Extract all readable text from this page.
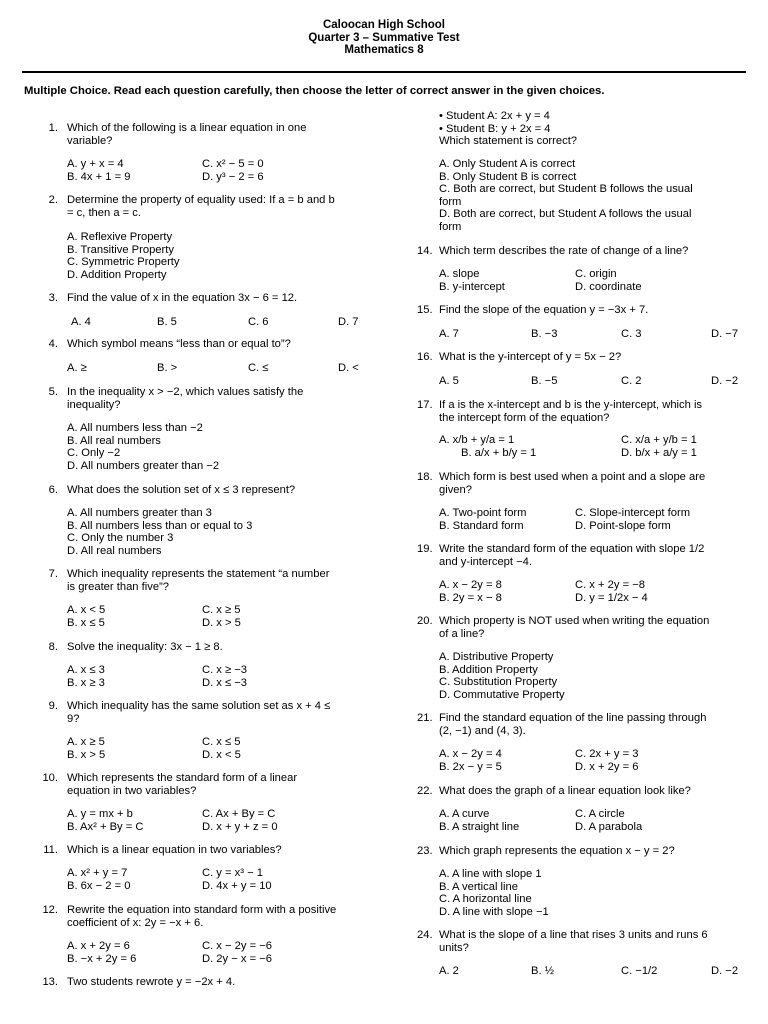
Caloocan High School
Quarter 3 – Summative Test
Mathematics 8
Multiple Choice. Read each question carefully, then choose the letter of correct answer in the given choices.
1. Which of the following is a linear equation in one
variable?
A. y + x = 4	C. x² − 5 = 0
B. 4x + 1 = 9	D. y³ − 2 = 6
2. Determine the property of equality used: If a = b and b
= c, then a = c.
A. Reflexive Property
B. Transitive Property
C. Symmetric Property
D. Addition Property
3. Find the value of x in the equation 3x − 6 = 12.
A. 4	B. 5	C. 6	D. 7
4. Which symbol means “less than or equal to”?
A. ≥	B. >	C. ≤	D. <
5. In the inequality x > −2, which values satisfy the
inequality?
A. All numbers less than −2
B. All real numbers
C. Only −2
D. All numbers greater than −2
6. What does the solution set of x ≤ 3 represent?
A. All numbers greater than 3
B. All numbers less than or equal to 3
C. Only the number 3
D. All real numbers
7. Which inequality represents the statement “a number
is greater than five”?
A. x < 5	C. x ≥ 5
B. x ≤ 5	D. x > 5
8. Solve the inequality: 3x − 1 ≥ 8.
A. x ≤ 3	C. x ≥ −3
B. x ≥ 3	D. x ≤ −3
9. Which inequality has the same solution set as x + 4 ≤
9?
A. x ≥ 5	C. x ≤ 5
B. x > 5	D. x < 5
10. Which represents the standard form of a linear
equation in two variables?
A. y = mx + b	C. Ax + By = C
B. Ax² + By = C	D. x + y + z = 0
11. Which is a linear equation in two variables?
A. x² + y = 7	C. y = x³ − 1
B. 6x − 2 = 0	D. 4x + y = 10
12. Rewrite the equation into standard form with a positive
coefficient of x: 2y = −x + 6.
A. x + 2y = 6	C. x − 2y = −6
B. −x + 2y = 6	D. 2y − x = −6
13. Two students rewrote y = −2x + 4.
• Student A: 2x + y = 4
• Student B: y + 2x = 4
Which statement is correct?
A. Only Student A is correct
B. Only Student B is correct
C. Both are correct, but Student B follows the usual
form
D. Both are correct, but Student A follows the usual
form
14. Which term describes the rate of change of a line?
A. slope	C. origin
B. y-intercept	D. coordinate
15. Find the slope of the equation y = −3x + 7.
A. 7	B. −3	C. 3	D. −7
16. What is the y-intercept of y = 5x − 2?
A. 5	B. −5	C. 2	D. −2
17. If a is the x-intercept and b is the y-intercept, which is
the intercept form of the equation?
A. x/b + y/a = 1	C. x/a + y/b = 1
B. a/x + b/y = 1	D. b/x + a/y = 1
18. Which form is best used when a point and a slope are
given?
A. Two-point form	C. Slope-intercept form
B. Standard form	D. Point-slope form
19. Write the standard form of the equation with slope 1/2
and y-intercept −4.
A. x − 2y = 8	C. x + 2y = −8
B. 2y = x − 8	D. y = 1/2x − 4
20. Which property is NOT used when writing the equation
of a line?
A. Distributive Property
B. Addition Property
C. Substitution Property
D. Commutative Property
21. Find the standard equation of the line passing through
(2, −1) and (4, 3).
A. x − 2y = 4	C. 2x + y = 3
B. 2x − y = 5	D. x + 2y = 6
22. What does the graph of a linear equation look like?
A. A curve	C. A circle
B. A straight line	D. A parabola
23. Which graph represents the equation x − y = 2?
A. A line with slope 1
B. A vertical line
C. A horizontal line
D. A line with slope −1
24. What is the slope of a line that rises 3 units and runs 6
units?
A. 2	B. ½	C. −1/2	D. −2
